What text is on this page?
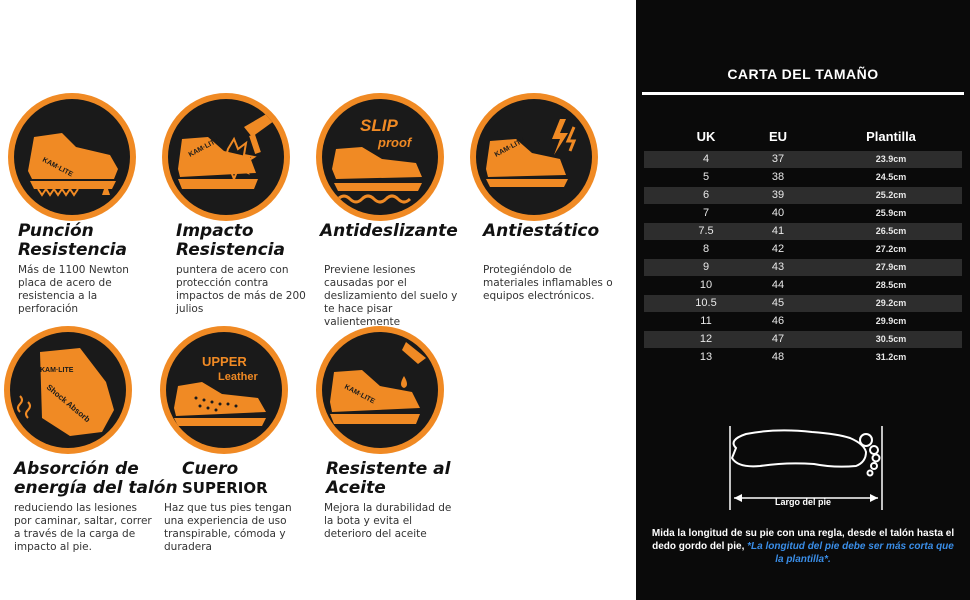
KAM·LITE
Punción
Resistencia
Más de 1100 Newton placa de acero de resistencia a la perforación
KAM·LITE
Impacto
Resistencia
puntera de acero con protección contra impactos de más de 200 julios
SLIP
proof
Antideslizante
Previene lesiones causadas por el deslizamiento del suelo y te hace pisar valientemente
KAM·LITE
Antiestático
Protegiéndolo de materiales inflamables o equipos electrónicos.
KAM·LITE
Shock Absorb
Absorción de
energía del talón
reduciendo las lesiones por caminar, saltar, correr a través de la carga de impacto al pie.
UPPER
Leather
Cuero
SUPERIOR
Haz que tus pies tengan una experiencia de uso transpirable, cómoda y duradera
KAM·LITE
Resistente al
Aceite
Mejora la durabilidad de la bota y evita el deterioro del aceite
CARTA DEL TAMAÑO
UK	EU	Plantilla
4	37	23.9cm
5	38	24.5cm
6	39	25.2cm
7	40	25.9cm
7.5	41	26.5cm
8	42	27.2cm
9	43	27.9cm
10	44	28.5cm
10.5	45	29.2cm
11	46	29.9cm
12	47	30.5cm
13	48	31.2cm
Largo del pie
Mida la longitud de su pie con una regla, desde el talón hasta el dedo gordo del pie, *La longitud del pie debe ser más corta que la plantilla*.
